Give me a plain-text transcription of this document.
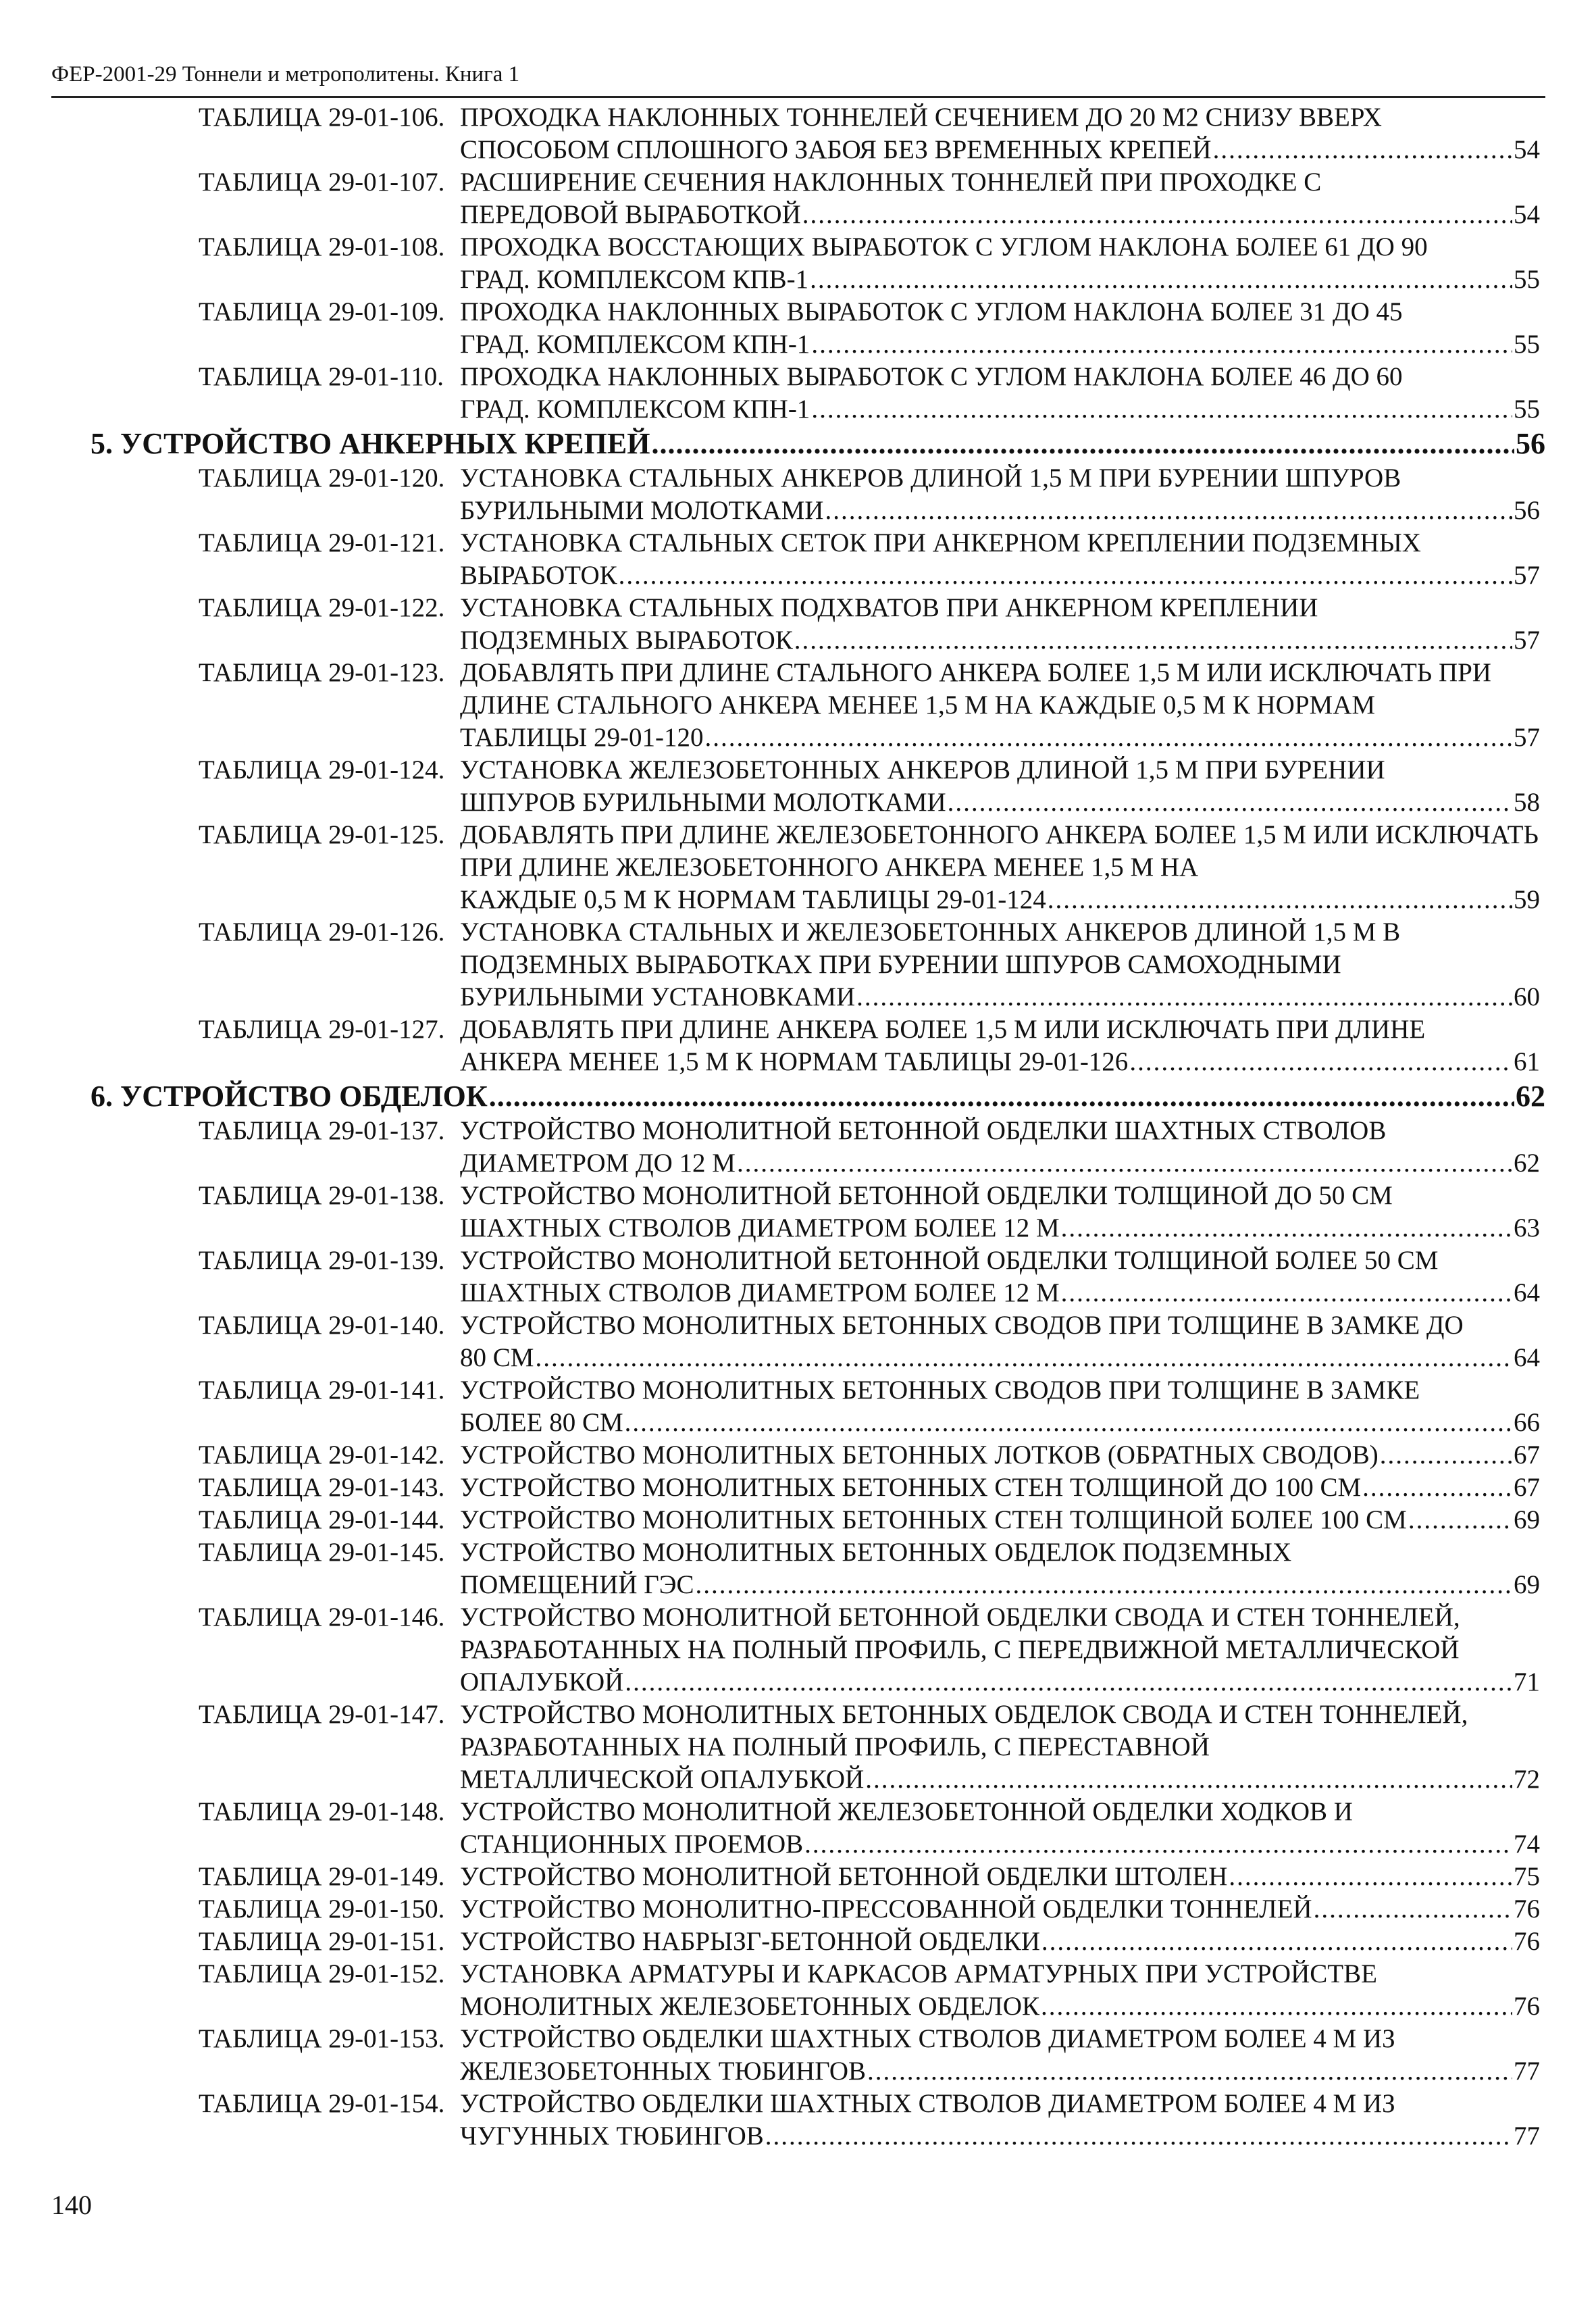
ФЕР-2001-29 Тоннели и метрополитены. Книга 1
ТАБЛИЦА 29-01-106. ПРОХОДКА НАКЛОННЫХ ТОННЕЛЕЙ СЕЧЕНИЕМ ДО 20 М2 СНИЗУ ВВЕРХ
СПОСОБОМ СПЛОШНОГО ЗАБОЯ БЕЗ ВРЕМЕННЫХ КРЕПЕЙ .....	54
ТАБЛИЦА 29-01-107. РАСШИРЕНИЕ СЕЧЕНИЯ НАКЛОННЫХ ТОННЕЛЕЙ ПРИ ПРОХОДКЕ С
ПЕРЕДОВОЙ ВЫРАБОТКОЙ .....	54
ТАБЛИЦА 29-01-108. ПРОХОДКА ВОССТАЮЩИХ ВЫРАБОТОК С УГЛОМ НАКЛОНА БОЛЕЕ 61 ДО 90
ГРАД. КОМПЛЕКСОМ КПВ-1 .....	55
ТАБЛИЦА 29-01-109. ПРОХОДКА НАКЛОННЫХ ВЫРАБОТОК С УГЛОМ НАКЛОНА БОЛЕЕ 31 ДО 45
ГРАД. КОМПЛЕКСОМ КПН-1 .....	55
ТАБЛИЦА 29-01-110. ПРОХОДКА НАКЛОННЫХ ВЫРАБОТОК С УГЛОМ НАКЛОНА БОЛЕЕ 46 ДО 60
ГРАД. КОМПЛЕКСОМ КПН-1 .....	55
5. УСТРОЙСТВО АНКЕРНЫХ КРЕПЕЙ .....	56
ТАБЛИЦА 29-01-120. УСТАНОВКА СТАЛЬНЫХ АНКЕРОВ ДЛИНОЙ 1,5 М ПРИ БУРЕНИИ ШПУРОВ
БУРИЛЬНЫМИ МОЛОТКАМИ .....	56
ТАБЛИЦА 29-01-121. УСТАНОВКА СТАЛЬНЫХ СЕТОК ПРИ АНКЕРНОМ КРЕПЛЕНИИ ПОДЗЕМНЫХ
ВЫРАБОТОК .....	57
ТАБЛИЦА 29-01-122. УСТАНОВКА СТАЛЬНЫХ ПОДХВАТОВ ПРИ АНКЕРНОМ КРЕПЛЕНИИ
ПОДЗЕМНЫХ ВЫРАБОТОК .....	57
ТАБЛИЦА 29-01-123. ДОБАВЛЯТЬ ПРИ ДЛИНЕ СТАЛЬНОГО АНКЕРА БОЛЕЕ 1,5 М ИЛИ ИСКЛЮЧАТЬ ПРИ ДЛИНЕ СТАЛЬНОГО АНКЕРА МЕНЕЕ 1,5 М НА КАЖДЫЕ 0,5 М К НОРМАМ
ТАБЛИЦЫ 29-01-120 .....	57
ТАБЛИЦА 29-01-124. УСТАНОВКА ЖЕЛЕЗОБЕТОННЫХ АНКЕРОВ ДЛИНОЙ 1,5 М ПРИ БУРЕНИИ
ШПУРОВ БУРИЛЬНЫМИ МОЛОТКАМИ .....	58
ТАБЛИЦА 29-01-125. ДОБАВЛЯТЬ ПРИ ДЛИНЕ ЖЕЛЕЗОБЕТОННОГО АНКЕРА БОЛЕЕ 1,5 М ИЛИ ИСКЛЮЧАТЬ ПРИ ДЛИНЕ ЖЕЛЕЗОБЕТОННОГО АНКЕРА МЕНЕЕ 1,5 М НА
КАЖДЫЕ 0,5 М К НОРМАМ ТАБЛИЦЫ 29-01-124 .....	59
ТАБЛИЦА 29-01-126. УСТАНОВКА СТАЛЬНЫХ И ЖЕЛЕЗОБЕТОННЫХ АНКЕРОВ ДЛИНОЙ 1,5 М В ПОДЗЕМНЫХ ВЫРАБОТКАХ ПРИ БУРЕНИИ ШПУРОВ САМОХОДНЫМИ
БУРИЛЬНЫМИ УСТАНОВКАМИ .....	60
ТАБЛИЦА 29-01-127. ДОБАВЛЯТЬ ПРИ ДЛИНЕ АНКЕРА БОЛЕЕ 1,5 М ИЛИ ИСКЛЮЧАТЬ ПРИ ДЛИНЕ
АНКЕРА МЕНЕЕ 1,5 М К НОРМАМ ТАБЛИЦЫ 29-01-126 .....	61
6. УСТРОЙСТВО ОБДЕЛОК .....	62
ТАБЛИЦА 29-01-137. УСТРОЙСТВО МОНОЛИТНОЙ БЕТОННОЙ ОБДЕЛКИ ШАХТНЫХ СТВОЛОВ
ДИАМЕТРОМ ДО 12 М .....	62
ТАБЛИЦА 29-01-138. УСТРОЙСТВО МОНОЛИТНОЙ БЕТОННОЙ ОБДЕЛКИ ТОЛЩИНОЙ ДО 50 СМ
ШАХТНЫХ СТВОЛОВ ДИАМЕТРОМ БОЛЕЕ 12 М .....	63
ТАБЛИЦА 29-01-139. УСТРОЙСТВО МОНОЛИТНОЙ БЕТОННОЙ ОБДЕЛКИ ТОЛЩИНОЙ БОЛЕЕ 50 СМ
ШАХТНЫХ СТВОЛОВ ДИАМЕТРОМ БОЛЕЕ 12 М .....	64
ТАБЛИЦА 29-01-140. УСТРОЙСТВО МОНОЛИТНЫХ БЕТОННЫХ СВОДОВ ПРИ ТОЛЩИНЕ В ЗАМКЕ ДО
80 СМ .....	64
ТАБЛИЦА 29-01-141. УСТРОЙСТВО МОНОЛИТНЫХ БЕТОННЫХ СВОДОВ ПРИ ТОЛЩИНЕ В ЗАМКЕ
БОЛЕЕ 80 СМ .....	66
ТАБЛИЦА 29-01-142. УСТРОЙСТВО МОНОЛИТНЫХ БЕТОННЫХ ЛОТКОВ (ОБРАТНЫХ СВОДОВ) .....	67
ТАБЛИЦА 29-01-143. УСТРОЙСТВО МОНОЛИТНЫХ БЕТОННЫХ СТЕН ТОЛЩИНОЙ ДО 100 СМ .....	67
ТАБЛИЦА 29-01-144. УСТРОЙСТВО МОНОЛИТНЫХ БЕТОННЫХ СТЕН ТОЛЩИНОЙ БОЛЕЕ 100 СМ .....	69
ТАБЛИЦА 29-01-145. УСТРОЙСТВО МОНОЛИТНЫХ БЕТОННЫХ ОБДЕЛОК ПОДЗЕМНЫХ
ПОМЕЩЕНИЙ ГЭС .....	69
ТАБЛИЦА 29-01-146. УСТРОЙСТВО МОНОЛИТНОЙ БЕТОННОЙ ОБДЕЛКИ СВОДА И СТЕН ТОННЕЛЕЙ, РАЗРАБОТАННЫХ НА ПОЛНЫЙ ПРОФИЛЬ, С ПЕРЕДВИЖНОЙ МЕТАЛЛИЧЕСКОЙ
ОПАЛУБКОЙ .....	71
ТАБЛИЦА 29-01-147. УСТРОЙСТВО МОНОЛИТНЫХ БЕТОННЫХ ОБДЕЛОК СВОДА И СТЕН ТОННЕЛЕЙ, РАЗРАБОТАННЫХ НА ПОЛНЫЙ ПРОФИЛЬ, С ПЕРЕСТАВНОЙ
МЕТАЛЛИЧЕСКОЙ ОПАЛУБКОЙ .....	72
ТАБЛИЦА 29-01-148. УСТРОЙСТВО МОНОЛИТНОЙ ЖЕЛЕЗОБЕТОННОЙ ОБДЕЛКИ ХОДКОВ И
СТАНЦИОННЫХ ПРОЕМОВ .....	74
ТАБЛИЦА 29-01-149. УСТРОЙСТВО МОНОЛИТНОЙ БЕТОННОЙ ОБДЕЛКИ ШТОЛЕН .....	75
ТАБЛИЦА 29-01-150. УСТРОЙСТВО МОНОЛИТНО-ПРЕССОВАННОЙ ОБДЕЛКИ ТОННЕЛЕЙ .....	76
ТАБЛИЦА 29-01-151. УСТРОЙСТВО НАБРЫЗГ-БЕТОННОЙ ОБДЕЛКИ .....	76
ТАБЛИЦА 29-01-152. УСТАНОВКА АРМАТУРЫ И КАРКАСОВ АРМАТУРНЫХ ПРИ УСТРОЙСТВЕ
МОНОЛИТНЫХ ЖЕЛЕЗОБЕТОННЫХ ОБДЕЛОК .....	76
ТАБЛИЦА 29-01-153. УСТРОЙСТВО ОБДЕЛКИ ШАХТНЫХ СТВОЛОВ ДИАМЕТРОМ БОЛЕЕ 4 М ИЗ
ЖЕЛЕЗОБЕТОННЫХ ТЮБИНГОВ .....	77
ТАБЛИЦА 29-01-154. УСТРОЙСТВО ОБДЕЛКИ ШАХТНЫХ СТВОЛОВ ДИАМЕТРОМ БОЛЕЕ 4 М ИЗ
ЧУГУННЫХ ТЮБИНГОВ .....	77
140
